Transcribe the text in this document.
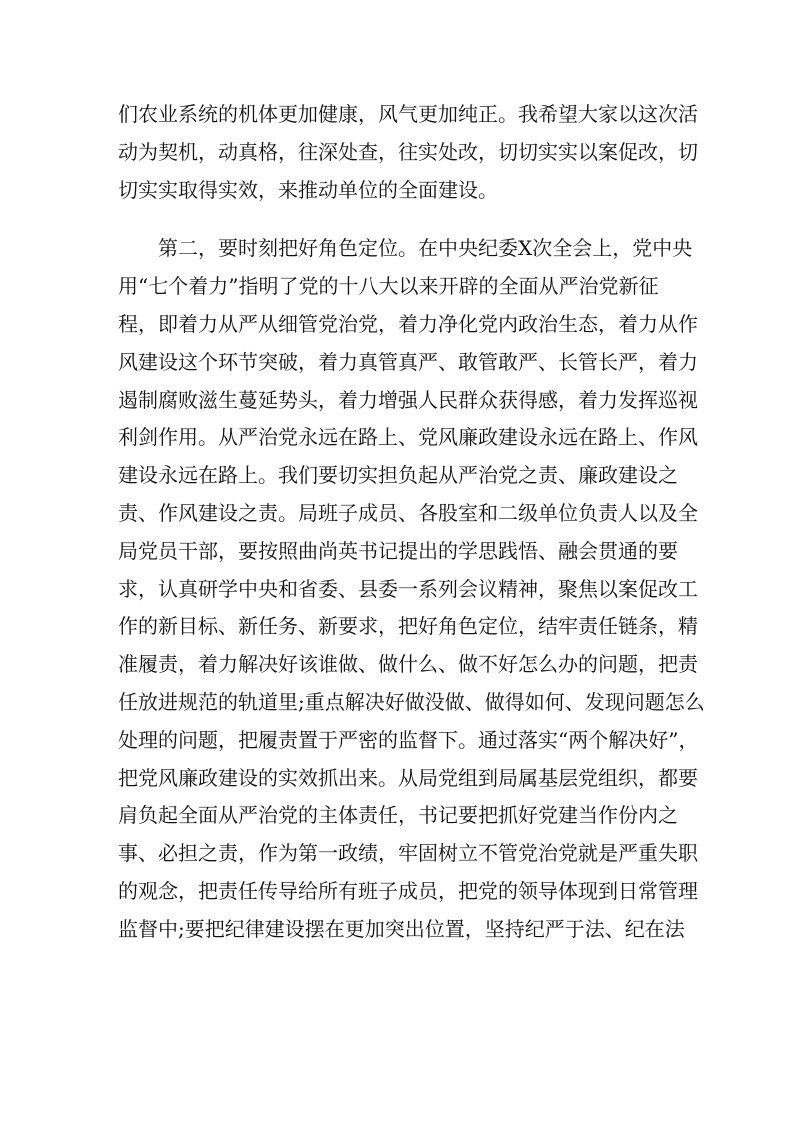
们农业系统的机体更加健康，风气更加纯正。我希望大家以这次活
动为契机，动真格，往深处查，往实处改，切切实实以案促改，切
切实实取得实效，来推动单位的全面建设。
第二，要时刻把好角色定位。在中央纪委X次全会上，党中央
用“七个着力”指明了党的十八大以来开辟的全面从严治党新征
程，即着力从严从细管党治党，着力净化党内政治生态，着力从作
风建设这个环节突破，着力真管真严、敢管敢严、长管长严，着力
遏制腐败滋生蔓延势头，着力增强人民群众获得感，着力发挥巡视
利剑作用。从严治党永远在路上、党风廉政建设永远在路上、作风
建设永远在路上。我们要切实担负起从严治党之责、廉政建设之
责、作风建设之责。局班子成员、各股室和二级单位负责人以及全
局党员干部，要按照曲尚英书记提出的学思践悟、融会贯通的要
求，认真研学中央和省委、县委一系列会议精神，聚焦以案促改工
作的新目标、新任务、新要求，把好角色定位，结牢责任链条，精
准履责，着力解决好该谁做、做什么、做不好怎么办的问题，把责
任放进规范的轨道里;重点解决好做没做、做得如何、发现问题怎么
处理的问题，把履责置于严密的监督下。通过落实“两个解决好”，
把党风廉政建设的实效抓出来。从局党组到局属基层党组织，都要
肩负起全面从严治党的主体责任，书记要把抓好党建当作份内之
事、必担之责，作为第一政绩，牢固树立不管党治党就是严重失职
的观念，把责任传导给所有班子成员，把党的领导体现到日常管理
监督中;要把纪律建设摆在更加突出位置，坚持纪严于法、纪在法
